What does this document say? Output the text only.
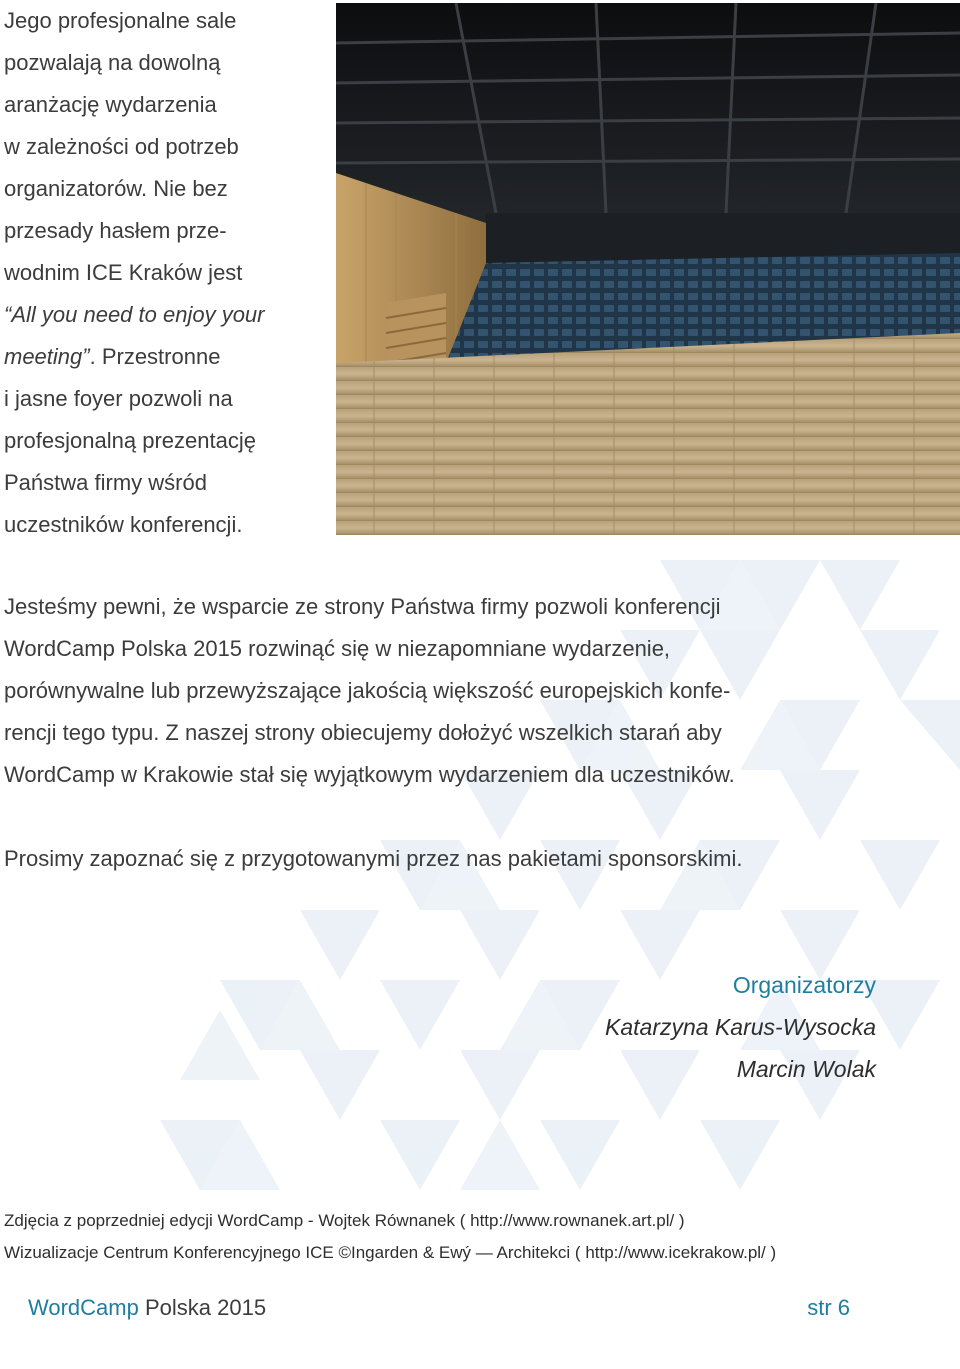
Jego profesjonalne sale
pozwalają na dowolną
aranżację wydarzenia
w zależności od potrzeb
organizatorów. Nie bez
przesady hasłem prze-
wodnim ICE Kraków jest
“All you need to enjoy your
meeting”. Przestronne
i jasne foyer pozwoli na
profesjonalną prezentację
Państwa firmy wśród
uczestników konferencji.
Jesteśmy pewni, że wsparcie ze strony Państwa firmy pozwoli konferencji
WordCamp Polska 2015 rozwinąć się w niezapomniane wydarzenie,
porównywalne lub przewyższające jakością większość europejskich konfe-
rencji tego typu. Z naszej strony obiecujemy dołożyć wszelkich starań aby
WordCamp w Krakowie stał się wyjątkowym wydarzeniem dla uczestników.
Prosimy zapoznać się z przygotowanymi przez nas pakietami sponsorskimi.
Organizatorzy
Katarzyna Karus-Wysocka
Marcin Wolak
Zdjęcia z poprzedniej edycji WordCamp - Wojtek Równanek ( http://www.rownanek.art.pl/ )
Wizualizacje Centrum Konferencyjnego ICE ©Ingarden & Ewý — Architekci ( http://www.icekrakow.pl/ )
WordCamp Polska 2015	str 6
